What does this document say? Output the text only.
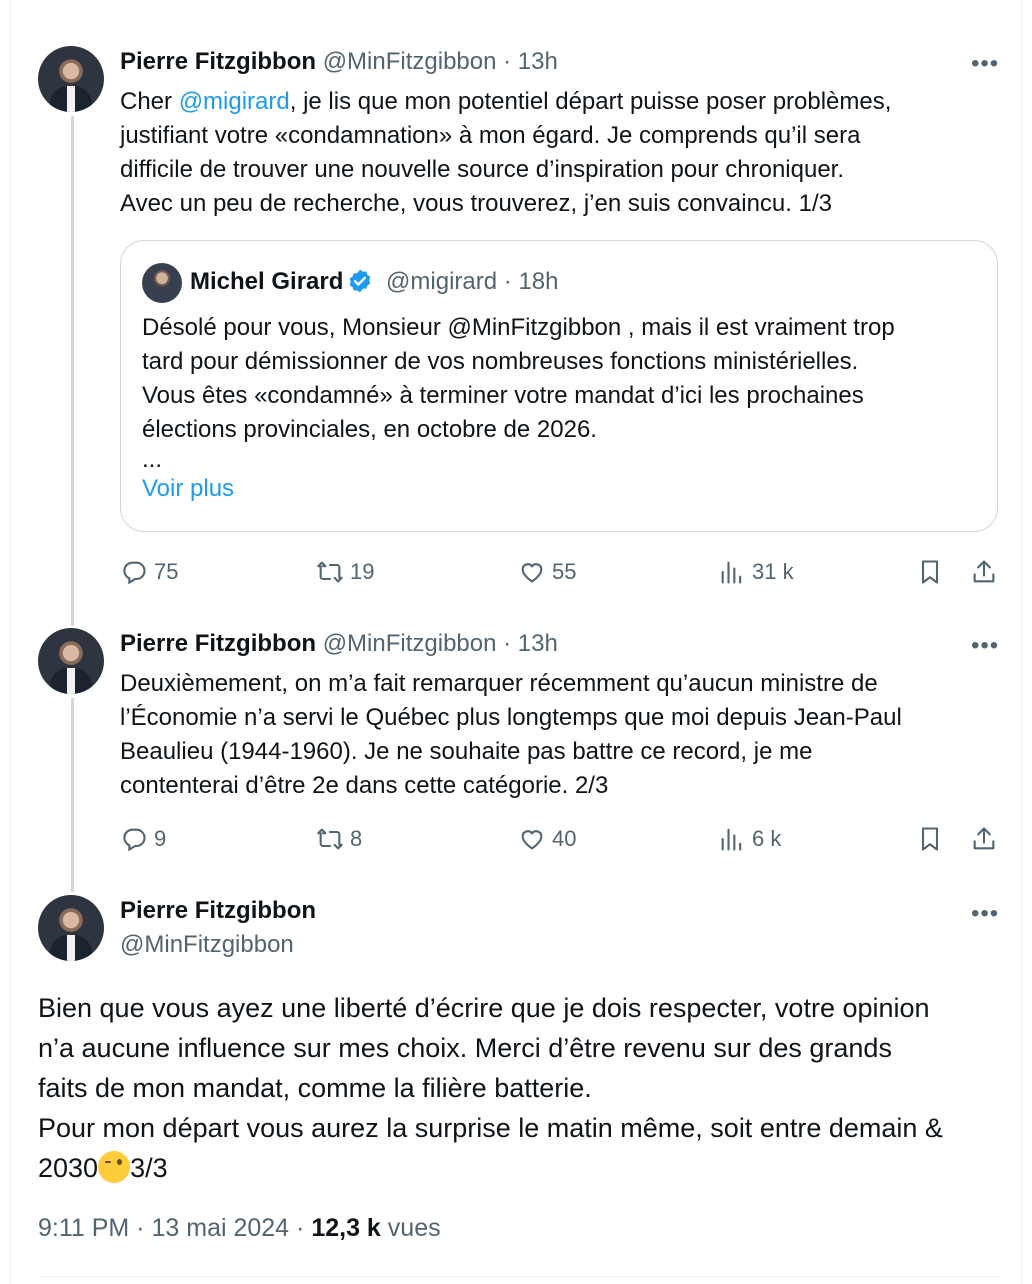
Pierre Fitzgibbon @MinFitzgibbon · 13h	•••
Cher @migirard, je lis que mon potentiel départ puisse poser problèmes,
justifiant votre «condamnation» à mon égard. Je comprends qu’il sera
difficile de trouver une nouvelle source d’inspiration pour chroniquer.
Avec un peu de recherche, vous trouverez, j’en suis convaincu. 1/3
Michel Girard @migirard · 18h
Désolé pour vous, Monsieur @MinFitzgibbon , mais il est vraiment trop
tard pour démissionner de vos nombreuses fonctions ministérielles.
Vous êtes «condamné» à terminer votre mandat d’ici les prochaines
élections provinciales, en octobre de 2026.
...
Voir plus
75	19	55	31 k
Pierre Fitzgibbon @MinFitzgibbon · 13h	•••
Deuxièmement, on m’a fait remarquer récemment qu’aucun ministre de
l’Économie n’a servi le Québec plus longtemps que moi depuis Jean-Paul
Beaulieu (1944-1960). Je ne souhaite pas battre ce record, je me
contenterai d’être 2e dans cette catégorie. 2/3
9	8	40	6 k
Pierre Fitzgibbon
@MinFitzgibbon
•••
Bien que vous ayez une liberté d’écrire que je dois respecter, votre opinion
n’a aucune influence sur mes choix. Merci d’être revenu sur des grands
faits de mon mandat, comme la filière batterie.
Pour mon départ vous aurez la surprise le matin même, soit entre demain &
2030 3/3
9:11 PM · 13 mai 2024 · 12,3 k vues
